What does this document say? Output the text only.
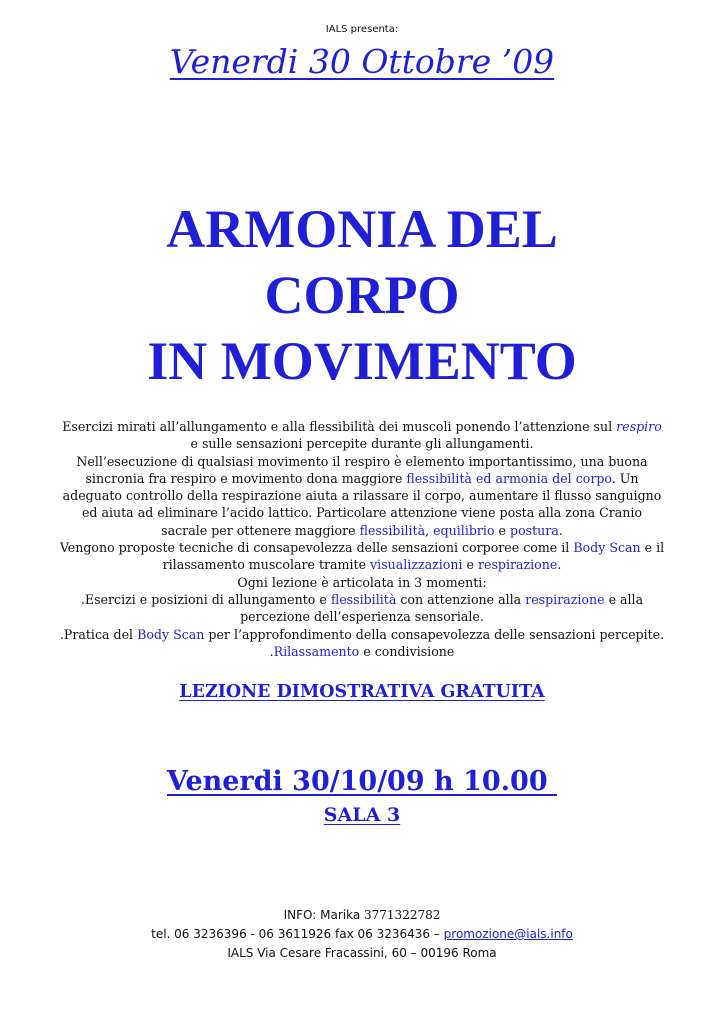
IALS presenta:
Venerdi 30 Ottobre ’09
ARMONIA DEL
CORPO
IN MOVIMENTO
Esercizi mirati all’allungamento e alla flessibilità dei muscoli ponendo l’attenzione sul respiro
e sulle sensazioni percepite durante gli allungamenti.
Nell’esecuzione di qualsiasi movimento il respiro è elemento importantissimo, una buona
sincronia fra respiro e movimento dona maggiore flessibilità ed armonia del corpo. Un
adeguato controllo della respirazione aiuta a rilassare il corpo, aumentare il flusso sanguigno
ed aiuta ad eliminare l’acido lattico. Particolare attenzione viene posta alla zona Cranio
sacrale per ottenere maggiore flessibilità, equilibrio e postura.
Vengono proposte tecniche di consapevolezza delle sensazioni corporee come il Body Scan e il
rilassamento muscolare tramite visualizzazioni e respirazione.
Ogni lezione è articolata in 3 momenti:
.Esercizi e posizioni di allungamento e flessibilità con attenzione alla respirazione e alla
percezione dell’esperienza sensoriale.
.Pratica del Body Scan per l’approfondimento della consapevolezza delle sensazioni percepite.
.Rilassamento e condivisione
LEZIONE DIMOSTRATIVA GRATUITA
Venerdi 30/10/09 h 10.00
SALA 3
INFO: Marika 3771322782
tel. 06 3236396 - 06 3611926 fax 06 3236436 – promozione@ials.info
IALS Via Cesare Fracassini, 60 – 00196 Roma
